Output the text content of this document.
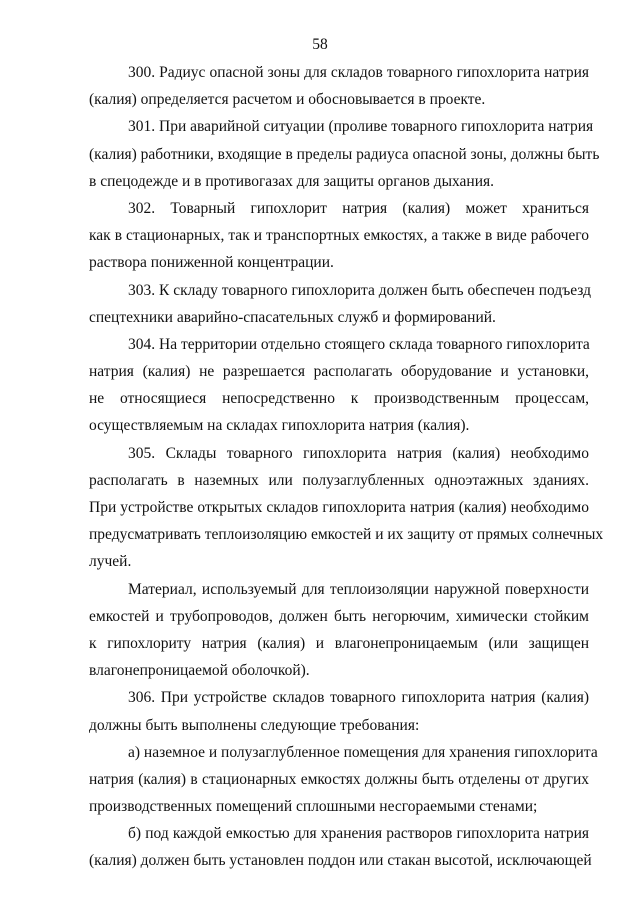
58
300. Радиус опасной зоны для складов товарного гипохлорита натрия
(калия) определяется расчетом и обосновывается в проекте.
301. При аварийной ситуации (проливе товарного гипохлорита натрия
(калия) работники, входящие в пределы радиуса опасной зоны, должны быть
в спецодежде и в противогазах для защиты органов дыхания.
302. Товарный гипохлорит натрия (калия) может храниться
как в стационарных, так и транспортных емкостях, а также в виде рабочего
раствора пониженной концентрации.
303. К складу товарного гипохлорита должен быть обеспечен подъезд
спецтехники аварийно-спасательных служб и формирований.
304. На территории отдельно стоящего склада товарного гипохлорита
натрия (калия) не разрешается располагать оборудование и установки,
не относящиеся непосредственно к производственным процессам,
осуществляемым на складах гипохлорита натрия (калия).
305. Склады товарного гипохлорита натрия (калия) необходимо
располагать в наземных или полузаглубленных одноэтажных зданиях.
При устройстве открытых складов гипохлорита натрия (калия) необходимо
предусматривать теплоизоляцию емкостей и их защиту от прямых солнечных
лучей.
Материал, используемый для теплоизоляции наружной поверхности
емкостей и трубопроводов, должен быть негорючим, химически стойким
к гипохлориту натрия (калия) и влагонепроницаемым (или защищен
влагонепроницаемой оболочкой).
306. При устройстве складов товарного гипохлорита натрия (калия)
должны быть выполнены следующие требования:
а) наземное и полузаглубленное помещения для хранения гипохлорита
натрия (калия) в стационарных емкостях должны быть отделены от других
производственных помещений сплошными несгораемыми стенами;
б) под каждой емкостью для хранения растворов гипохлорита натрия
(калия) должен быть установлен поддон или стакан высотой, исключающей
